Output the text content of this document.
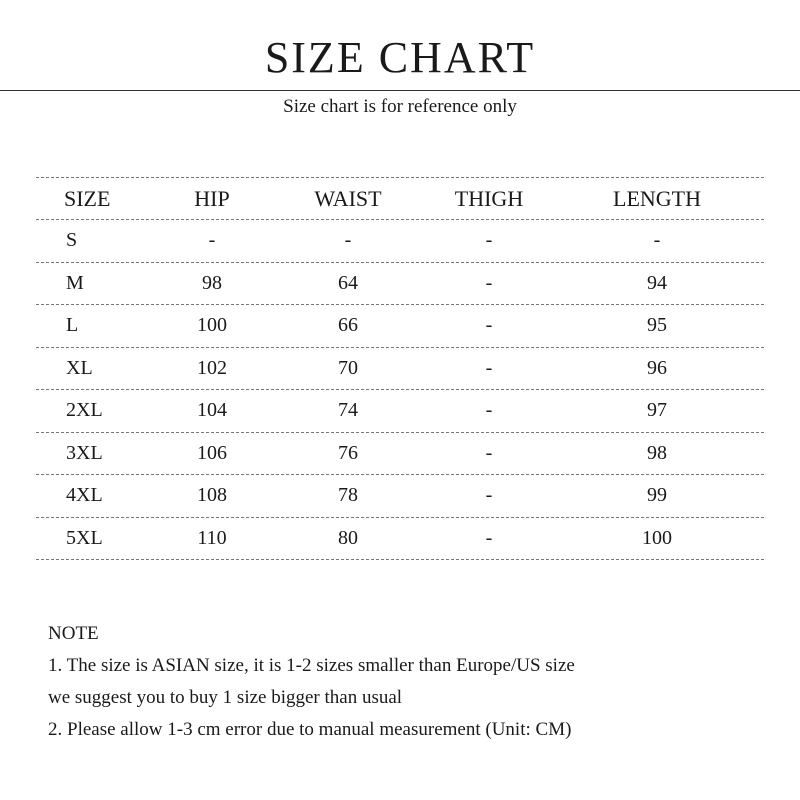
SIZE CHART
Size chart is for reference only
SIZE	HIP	WAIST	THIGH	LENGTH
S	-	-	-	-
M	98	64	-	94
L	100	66	-	95
XL	102	70	-	96
2XL	104	74	-	97
3XL	106	76	-	98
4XL	108	78	-	99
5XL	110	80	-	100
NOTE
1. The size is ASIAN size, it is 1-2 sizes smaller than Europe/US size
we suggest you to buy 1 size bigger than usual
2. Please allow 1-3 cm error due to manual measurement (Unit: CM)
